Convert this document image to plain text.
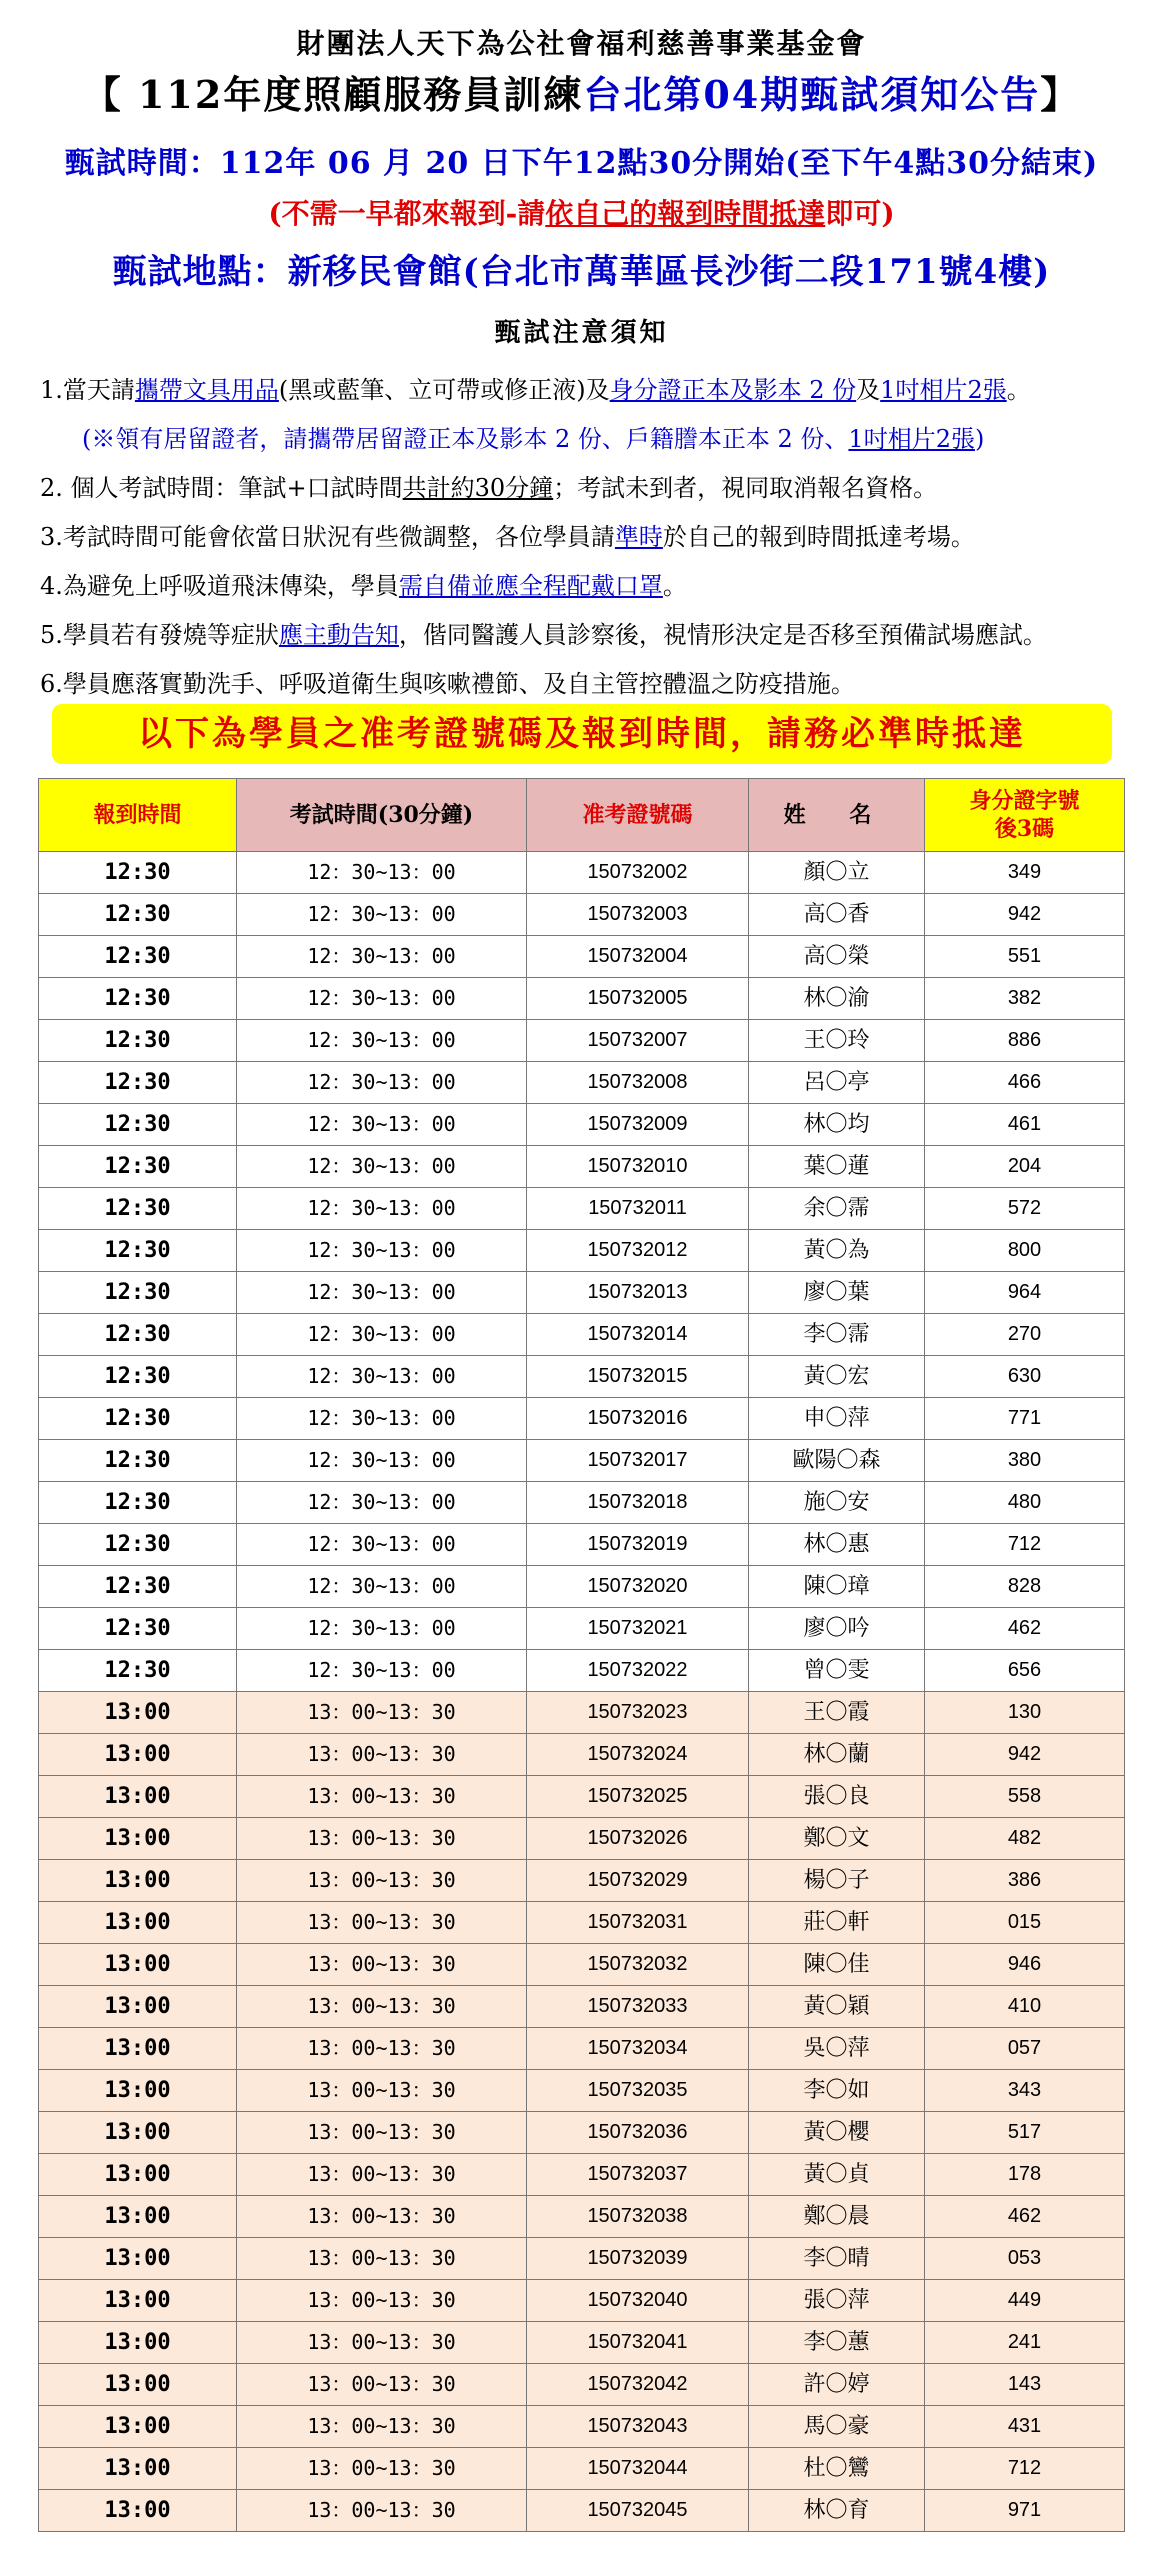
財團法人天下為公社會福利慈善事業基金會
【 112年度照顧服務員訓練台北第04期甄試須知公告】
甄試時間：112年 06 月 20 日下午12點30分開始(至下午4點30分結束)
(不需一早都來報到-請依自己的報到時間抵達即可)
甄試地點：新移民會館(台北市萬華區長沙街二段171號4樓)
甄試注意須知
1.當天請攜帶文具用品(黑或藍筆、立可帶或修正液)及身分證正本及影本 2 份及1吋相片2張。
(※領有居留證者，請攜帶居留證正本及影本 2 份、戶籍謄本正本 2 份、1吋相片2張)
2. 個人考試時間：筆試+口試時間共計約30分鐘；考試未到者，視同取消報名資格。
3.考試時間可能會依當日狀況有些微調整，各位學員請準時於自己的報到時間抵達考場。
4.為避免上呼吸道飛沫傳染，學員需自備並應全程配戴口罩。
5.學員若有發燒等症狀應主動告知，偕同醫護人員診察後，視情形決定是否移至預備試場應試。
6.學員應落實勤洗手、呼吸道衛生與咳嗽禮節、及自主管控體溫之防疫措施。
以下為學員之准考證號碼及報到時間，請務必準時抵達
報到時間	考試時間(30分鐘)	准考證號碼	姓 名	身分證字號
後3碼
12:30	12：30~13：00	150732002	顏〇立	349
12:30	12：30~13：00	150732003	高〇香	942
12:30	12：30~13：00	150732004	高〇榮	551
12:30	12：30~13：00	150732005	林〇渝	382
12:30	12：30~13：00	150732007	王〇玲	886
12:30	12：30~13：00	150732008	呂〇亭	466
12:30	12：30~13：00	150732009	林〇均	461
12:30	12：30~13：00	150732010	葉〇蓮	204
12:30	12：30~13：00	150732011	余〇霈	572
12:30	12：30~13：00	150732012	黃〇為	800
12:30	12：30~13：00	150732013	廖〇葉	964
12:30	12：30~13：00	150732014	李〇霈	270
12:30	12：30~13：00	150732015	黃〇宏	630
12:30	12：30~13：00	150732016	申〇萍	771
12:30	12：30~13：00	150732017	歐陽〇森	380
12:30	12：30~13：00	150732018	施〇安	480
12:30	12：30~13：00	150732019	林〇惠	712
12:30	12：30~13：00	150732020	陳〇璋	828
12:30	12：30~13：00	150732021	廖〇吟	462
12:30	12：30~13：00	150732022	曾〇雯	656
13:00	13：00~13：30	150732023	王〇霞	130
13:00	13：00~13：30	150732024	林〇蘭	942
13:00	13：00~13：30	150732025	張〇良	558
13:00	13：00~13：30	150732026	鄭〇文	482
13:00	13：00~13：30	150732029	楊〇子	386
13:00	13：00~13：30	150732031	莊〇軒	015
13:00	13：00~13：30	150732032	陳〇佳	946
13:00	13：00~13：30	150732033	黃〇穎	410
13:00	13：00~13：30	150732034	吳〇萍	057
13:00	13：00~13：30	150732035	李〇如	343
13:00	13：00~13：30	150732036	黃〇櫻	517
13:00	13：00~13：30	150732037	黃〇貞	178
13:00	13：00~13：30	150732038	鄭〇晨	462
13:00	13：00~13：30	150732039	李〇晴	053
13:00	13：00~13：30	150732040	張〇萍	449
13:00	13：00~13：30	150732041	李〇蕙	241
13:00	13：00~13：30	150732042	許〇婷	143
13:00	13：00~13：30	150732043	馬〇豪	431
13:00	13：00~13：30	150732044	杜〇鸞	712
13:00	13：00~13：30	150732045	林〇育	971
